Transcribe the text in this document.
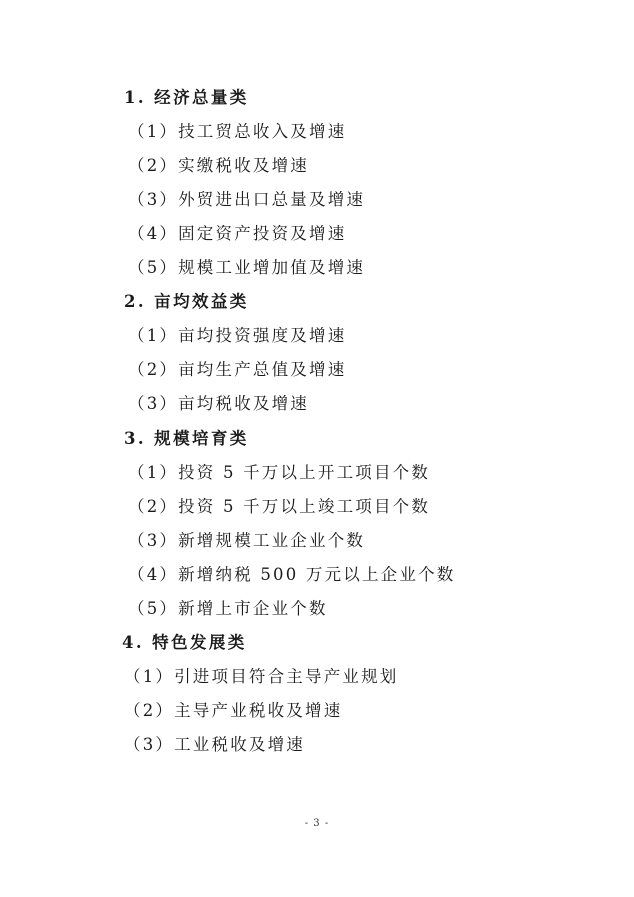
1. 经济总量类
（1）技工贸总收入及增速
（2）实缴税收及增速
（3）外贸进出口总量及增速
（4）固定资产投资及增速
（5）规模工业增加值及增速
2. 亩均效益类
（1）亩均投资强度及增速
（2）亩均生产总值及增速
（3）亩均税收及增速
3. 规模培育类
（1）投资 5 千万以上开工项目个数
（2）投资 5 千万以上竣工项目个数
（3）新增规模工业企业个数
（4）新增纳税 500 万元以上企业个数
（5）新增上市企业个数
4. 特色发展类
（1）引进项目符合主导产业规划
（2）主导产业税收及增速
（3）工业税收及增速
- 3 -
